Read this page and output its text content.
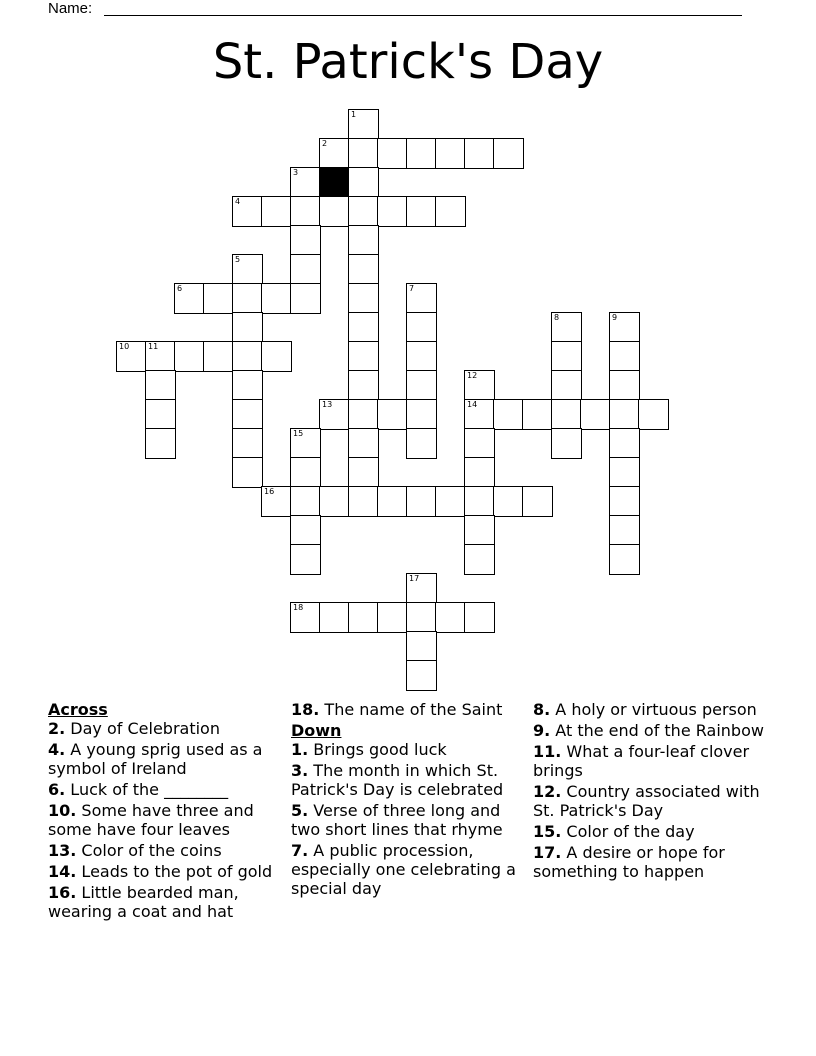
Name:
St. Patrick's Day
1
2
3
4
5
6	7
8	9
10 11
12
13	14
15
16
17
18
Across
2. Day of Celebration
4. A young sprig used as a symbol of Ireland
6. Luck of the ________
10. Some have three and some have four leaves
13. Color of the coins
14. Leads to the pot of gold
16. Little bearded man, wearing a coat and hat
18. The name of the Saint
Down
1. Brings good luck
3. The month in which St. Patrick's Day is celebrated
5. Verse of three long and two short lines that rhyme
7. A public procession, especially one celebrating a special day
8. A holy or virtuous person
9. At the end of the Rainbow
11. What a four-leaf clover brings
12. Country associated with St. Patrick's Day
15. Color of the day
17. A desire or hope for something to happen
